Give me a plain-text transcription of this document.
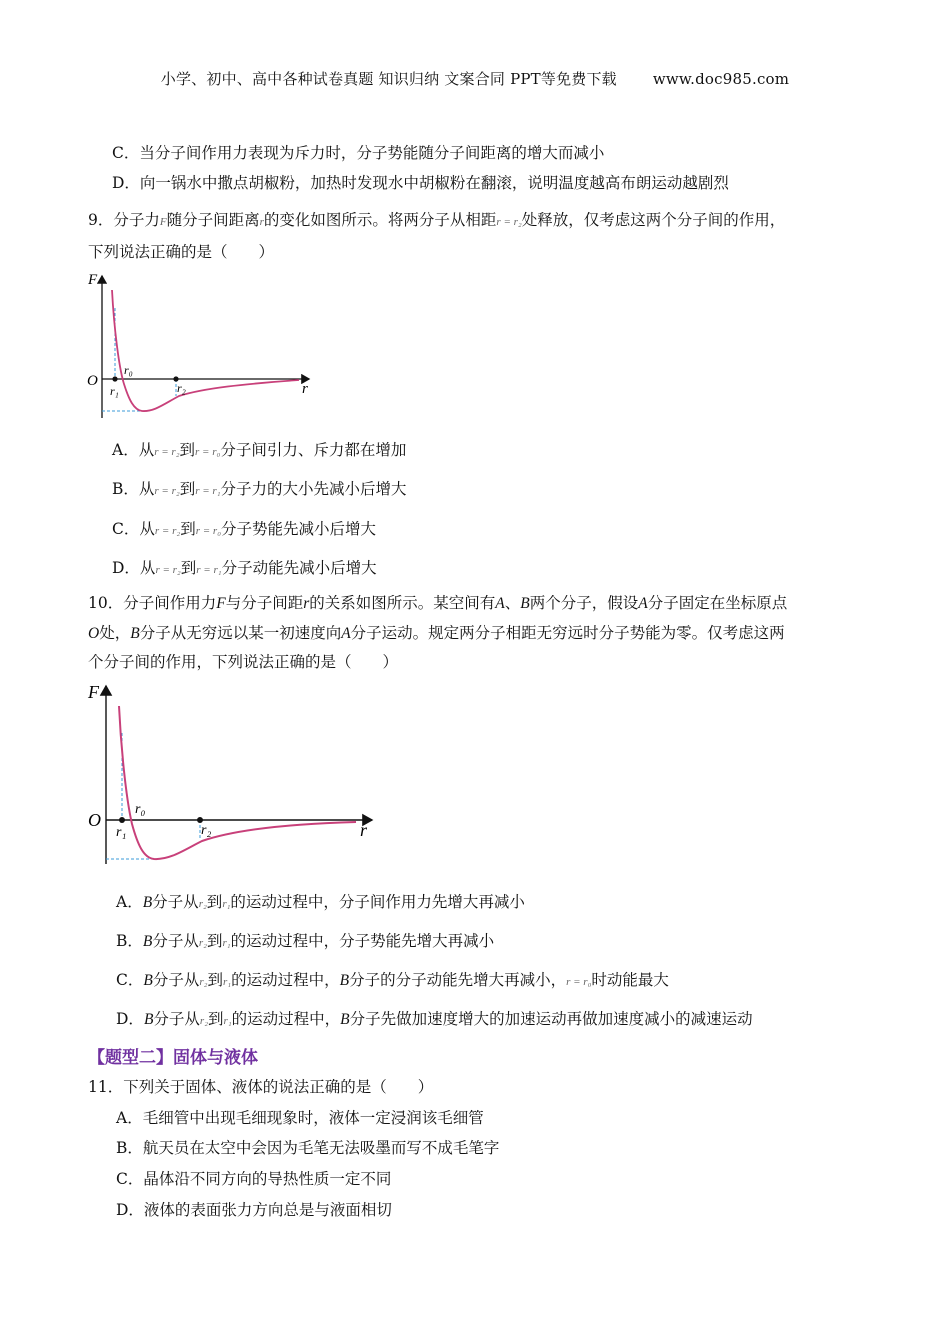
小学、初中、高中各种试卷真题 知识归纳 文案合同 PPT等免费下载 www.doc985.com
C．当分子间作用力表现为斥力时，分子势能随分子间距离的增大而减小
D．向一锅水中撒点胡椒粉，加热时发现水中胡椒粉在翻滚，说明温度越高布朗运动越剧烈
9．分子力F随分子间距离r的变化如图所示。将两分子从相距r = r₂处释放，仅考虑这两个分子间的作用，
下列说法正确的是（　　）
F
O	r
r₀
r₁	r₂
A．从r = r₂到r = r₀分子间引力、斥力都在增加
B．从r = r₂到r = r₁分子力的大小先减小后增大
C．从r = r₂到r = r₀分子势能先减小后增大
D．从r = r₂到r = r₁分子动能先减小后增大
10．分子间作用力F与分子间距r的关系如图所示。某空间有A、B两个分子，假设A分子固定在坐标原点
O处，B分子从无穷远以某一初速度向A分子运动。规定两分子相距无穷远时分子势能为零。仅考虑这两
个分子间的作用，下列说法正确的是（　　）
F
O	r
r₀
r₁	r₂
A．B分子从r₂到r₁的运动过程中，分子间作用力先增大再减小
B．B分子从r₂到r₁的运动过程中，分子势能先增大再减小
C．B分子从r₂到r₁的运动过程中，B分子的分子动能先增大再减小，r = r₀时动能最大
D．B分子从r₂到r₁的运动过程中，B分子先做加速度增大的加速运动再做加速度减小的减速运动
【题型二】固体与液体
11．下列关于固体、液体的说法正确的是（　　）
A．毛细管中出现毛细现象时，液体一定浸润该毛细管
B．航天员在太空中会因为毛笔无法吸墨而写不成毛笔字
C．晶体沿不同方向的导热性质一定不同
D．液体的表面张力方向总是与液面相切
